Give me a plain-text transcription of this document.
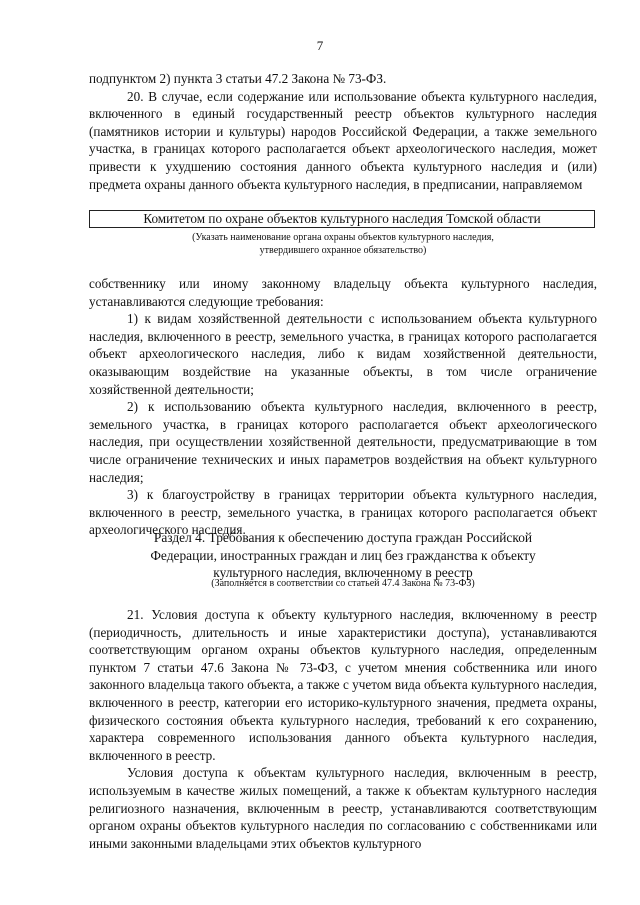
7

подпунктом 2) пункта 3 статьи 47.2 Закона № 73-ФЗ.

20. В случае, если содержание или использование объекта культурного наследия, включенного в единый государственный реестр объектов культурного наследия (памятников истории и культуры) народов Российской Федерации, а также земельного участка, в границах которого располагается объект археологического наследия, может привести к ухудшению состояния данного объекта культурного наследия и (или) предмета охраны данного объекта культурного наследия, в предписании, направляемом

Комитетом по охране объектов культурного наследия Томской области
(Указать наименование органа охраны объектов культурного наследия,
утвердившего охранное обязательство)

собственнику или иному законному владельцу объекта культурного наследия, устанавливаются следующие требования:

1) к видам хозяйственной деятельности с использованием объекта культурного наследия, включенного в реестр, земельного участка, в границах которого располагается объект археологического наследия, либо к видам хозяйственной деятельности, оказывающим воздействие на указанные объекты, в том числе ограничение хозяйственной деятельности;

2) к использованию объекта культурного наследия, включенного в реестр, земельного участка, в границах которого располагается объект археологического наследия, при осуществлении хозяйственной деятельности, предусматривающие в том числе ограничение технических и иных параметров воздействия на объект культурного наследия;

3) к благоустройству в границах территории объекта культурного наследия, включенного в реестр, земельного участка, в границах которого располагается объект археологического наследия.

Раздел 4. Требования к обеспечению доступа граждан Российской
Федерации, иностранных граждан и лиц без гражданства к объекту
культурного наследия, включенному в реестр
(Заполняется в соответствии со статьей 47.4 Закона № 73-ФЗ)

21. Условия доступа к объекту культурного наследия, включенному в реестр (периодичность, длительность и иные характеристики доступа), устанавливаются соответствующим органом охраны объектов культурного наследия, определенным пунктом 7 статьи 47.6 Закона № 73-ФЗ, с учетом мнения собственника или иного законного владельца такого объекта, а также с учетом вида объекта культурного наследия, включенного в реестр, категории его историко-культурного значения, предмета охраны, физического состояния объекта культурного наследия, требований к его сохранению, характера современного использования данного объекта культурного наследия, включенного в реестр.

Условия доступа к объектам культурного наследия, включенным в реестр, используемым в качестве жилых помещений, а также к объектам культурного наследия религиозного назначения, включенным в реестр, устанавливаются соответствующим органом охраны объектов культурного наследия по согласованию с собственниками или иными законными владельцами этих объектов культурного
